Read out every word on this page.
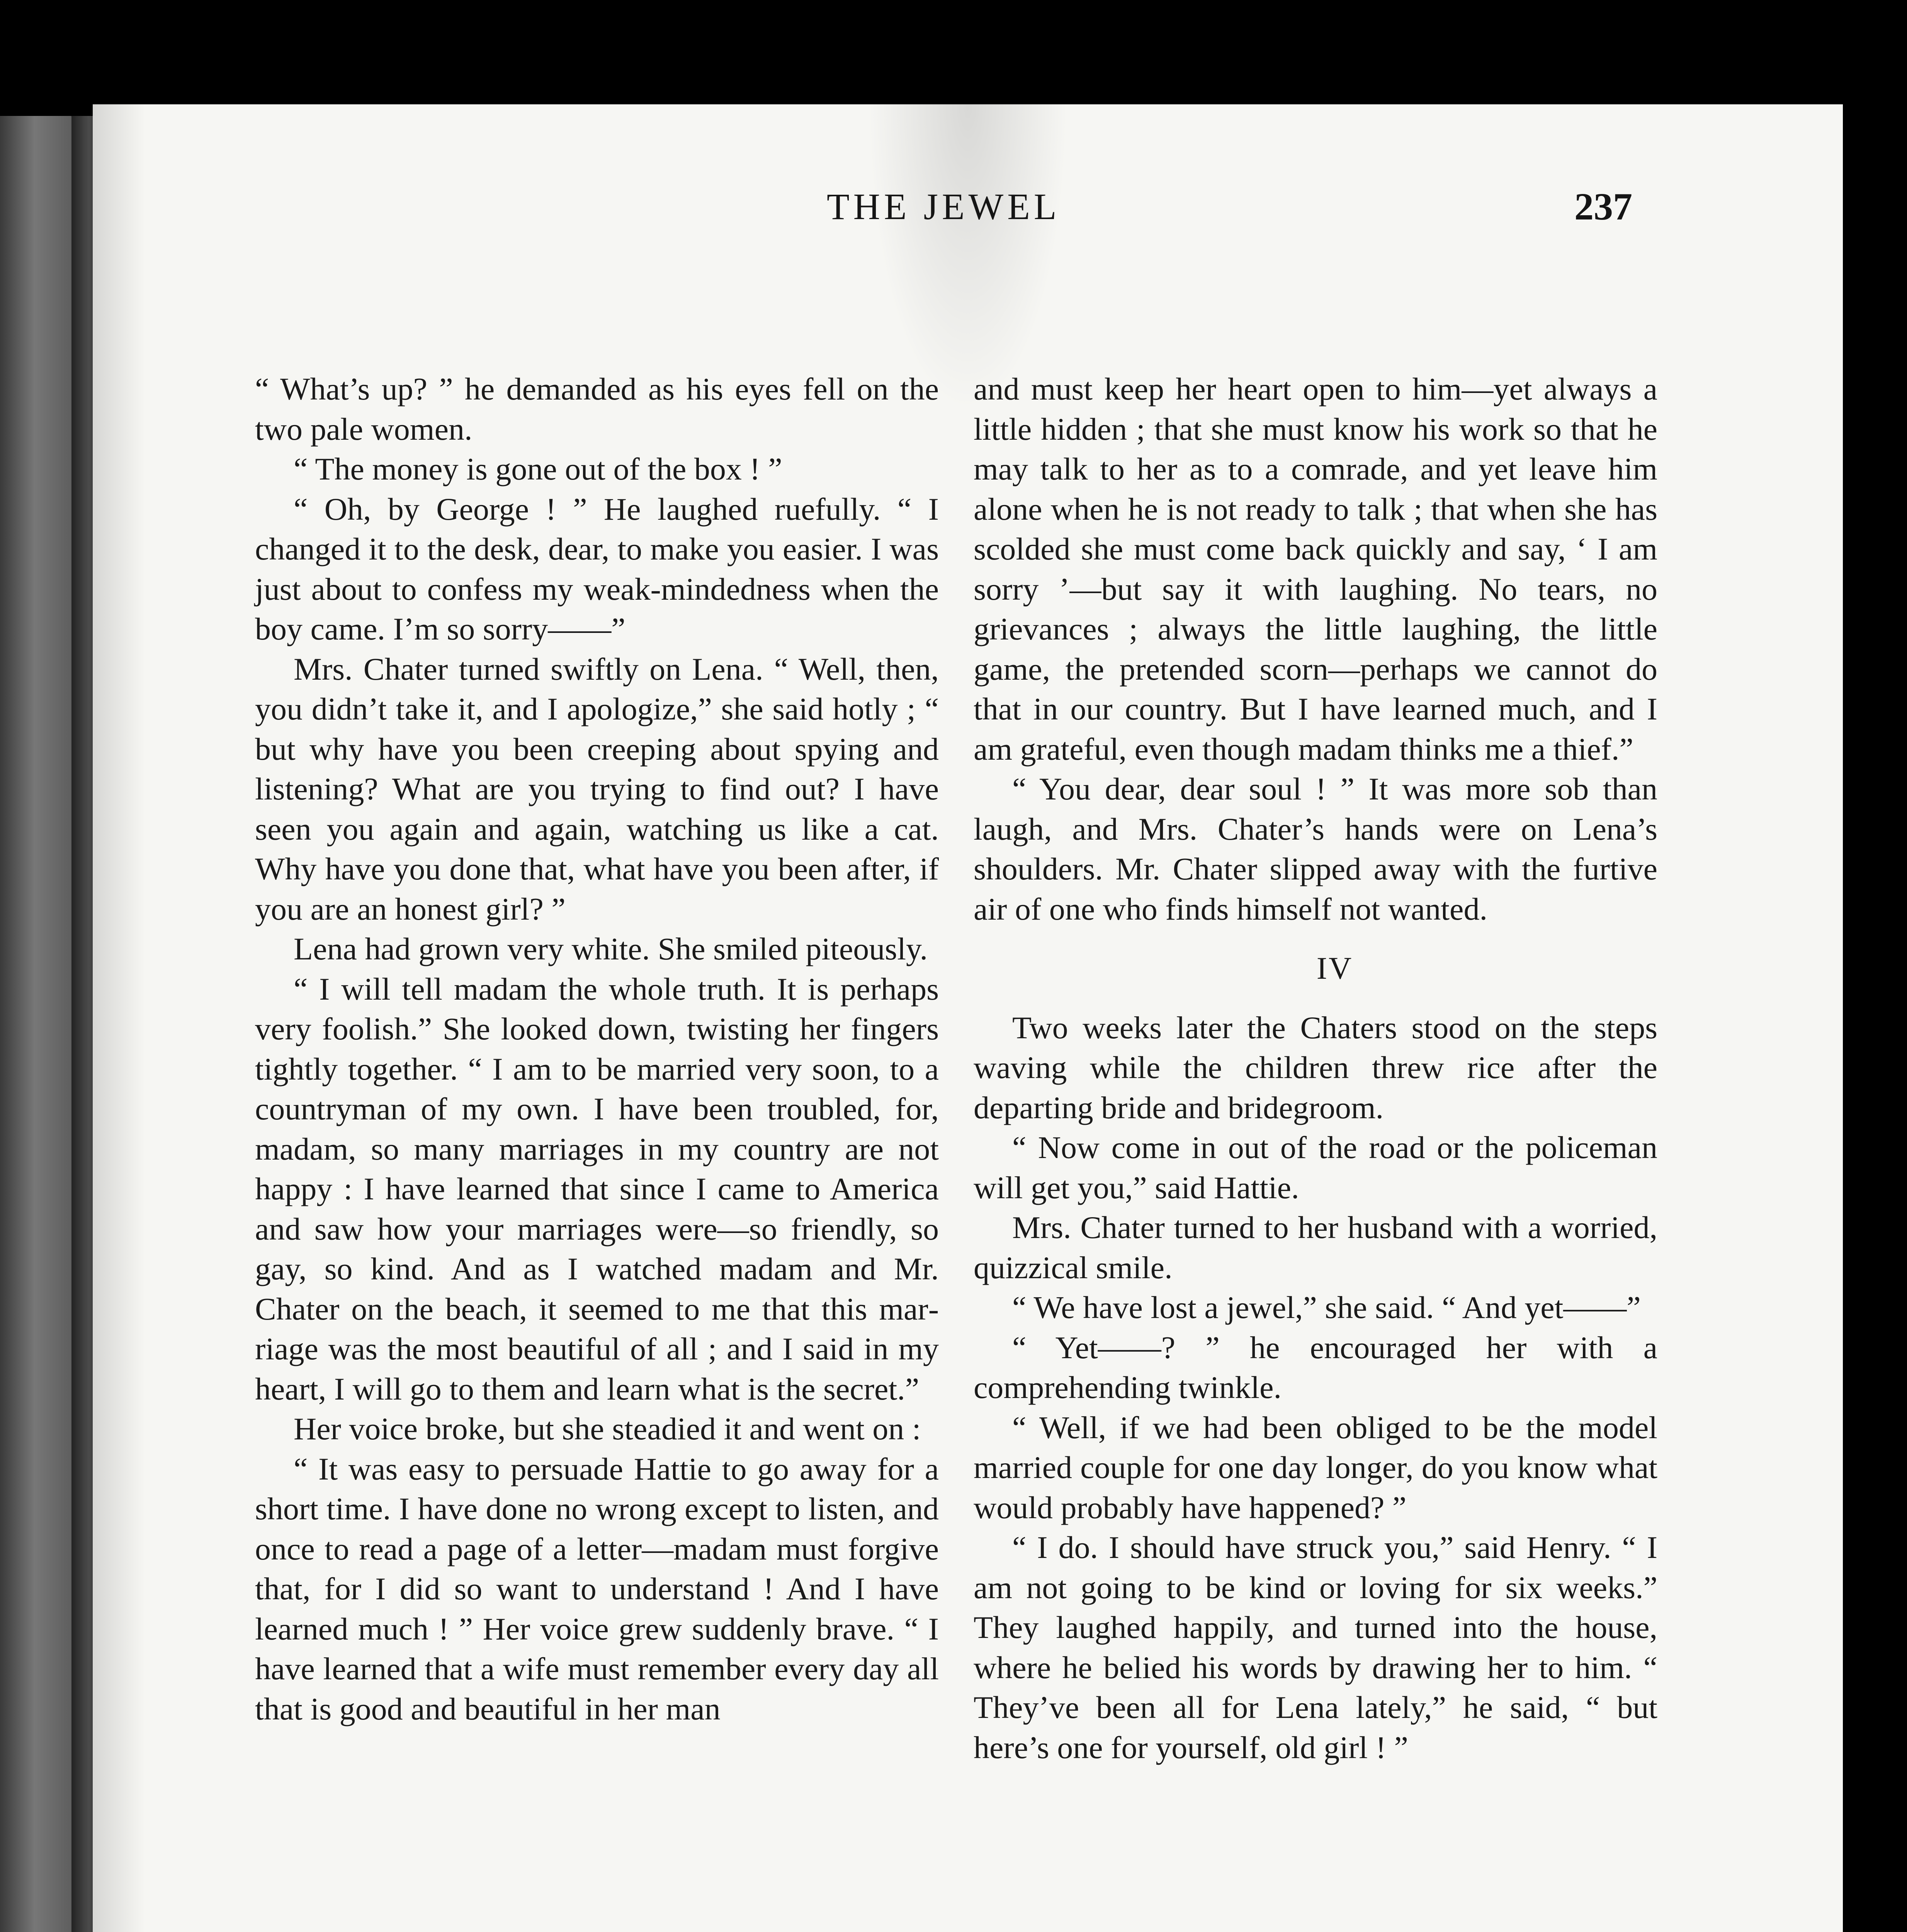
THE JEWEL	237

“ What’s up? ” he demanded as his eyes fell on the two pale women.

“ The money is gone out of the box ! ”

“ Oh, by George ! ” He laughed ruefully. “ I changed it to the desk, dear, to make you easier. I was just about to confess my weak-mindedness when the boy came. I’m so sorry——”

Mrs. Chater turned swiftly on Lena. “ Well, then, you didn’t take it, and I apologize,” she said hotly ; “ but why have you been creeping about spying and listening? What are you trying to find out? I have seen you again and again, watching us like a cat. Why have you done that, what have you been after, if you are an honest girl? ”

Lena had grown very white. She smiled piteously.

“ I will tell madam the whole truth. It is perhaps very foolish.” She looked down, twisting her fingers tightly together. “ I am to be married very soon, to a countryman of my own. I have been troubled, for, madam, so many marriages in my country are not happy : I have learned that since I came to America and saw how your marriages were—so friendly, so gay, so kind. And as I watched madam and Mr. Chater on the beach, it seemed to me that this marriage was the most beautiful of all ; and I said in my heart, I will go to them and learn what is the secret.”

Her voice broke, but she steadied it and went on :

“ It was easy to persuade Hattie to go away for a short time. I have done no wrong except to listen, and once to read a page of a letter—madam must forgive that, for I did so want to understand ! And I have learned much ! ” Her voice grew suddenly brave. “ I have learned that a wife must remember every day all that is good and beautiful in her man

and must keep her heart open to him—yet always a little hidden ; that she must know his work so that he may talk to her as to a comrade, and yet leave him alone when he is not ready to talk ; that when she has scolded she must come back quickly and say, ‘ I am sorry ’—but say it with laughing. No tears, no grievances ; always the little laughing, the little game, the pretended scorn—perhaps we cannot do that in our country. But I have learned much, and I am grateful, even though madam thinks me a thief.”

“ You dear, dear soul ! ” It was more sob than laugh, and Mrs. Chater’s hands were on Lena’s shoulders. Mr. Chater slipped away with the furtive air of one who finds himself not wanted.

IV

Two weeks later the Chaters stood on the steps waving while the children threw rice after the departing bride and bridegroom.

“ Now come in out of the road or the policeman will get you,” said Hattie.

Mrs. Chater turned to her husband with a worried, quizzical smile.

“ We have lost a jewel,” she said. “ And yet——”

“ Yet——? ” he encouraged her with a comprehending twinkle.

“ Well, if we had been obliged to be the model married couple for one day longer, do you know what would probably have happened? ”

“ I do. I should have struck you,” said Henry. “ I am not going to be kind or loving for six weeks.” They laughed happily, and turned into the house, where he belied his words by drawing her to him. “ They’ve been all for Lena lately,” he said, “ but here’s one for yourself, old girl ! ”
